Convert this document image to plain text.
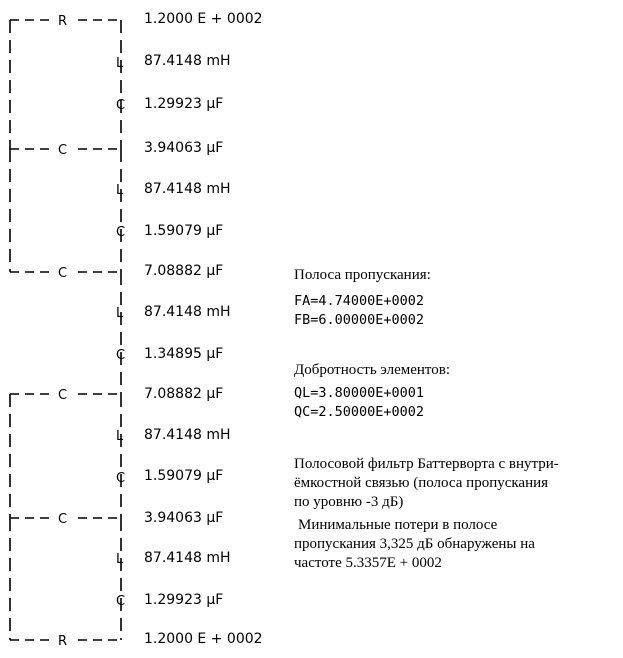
R
C
C
C
C
R
L
C
L
C
L
C
L
C
L
C
1.2000 E + 0002
87.4148 mH
1.29923 μF
3.94063 μF
87.4148 mH
1.59079 μF
7.08882 μF
87.4148 mH
1.34895 μF
7.08882 μF
87.4148 mH
1.59079 μF
3.94063 μF
87.4148 mH
1.29923 μF
1.2000 E + 0002
Полоса пропускания:
FA=4.74000E+0002
FB=6.00000E+0002
Добротность элементов:
QL=3.80000E+0001
QC=2.50000E+0002
Полосовой фильтр Баттерворта с внутри-
ёмкостной связью (полоса пропускания
по уровню -3 дБ)
Минимальные потери в полосе
пропускания 3,325 дБ обнаружены на
частоте 5.3357E + 0002
